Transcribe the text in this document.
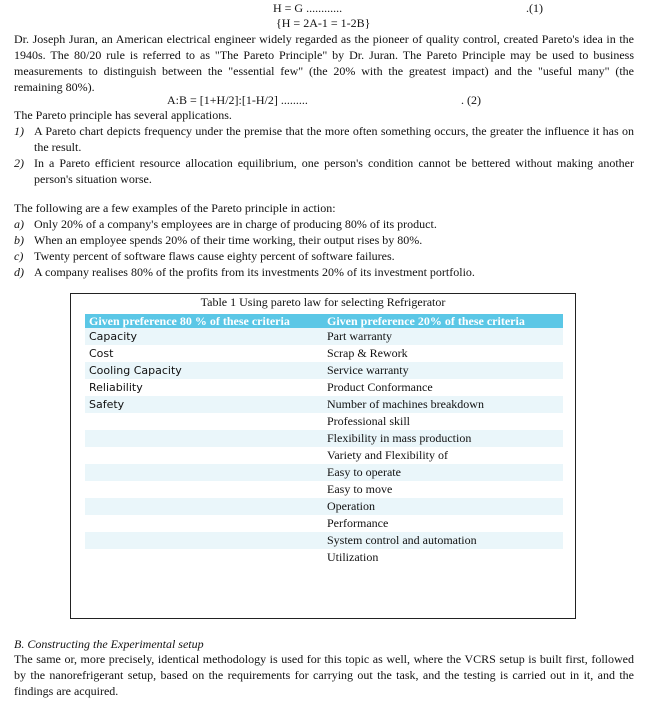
H = G ............	.(1)
{H = 2A-1 = 1-2B}
Dr. Joseph Juran, an American electrical engineer widely regarded as the pioneer of quality control, created Pareto's idea in the 1940s. The 80/20 rule is referred to as "The Pareto Principle" by Dr. Juran. The Pareto Principle may be used to business measurements to distinguish between the "essential few" (the 20% with the greatest impact) and the "useful many" (the remaining 80%).
A:B = [1+H/2]:[1-H/2] .........	. (2)
The Pareto principle has several applications.
1) A Pareto chart depicts frequency under the premise that the more often something occurs, the greater the influence it has on the result.
2) In a Pareto efficient resource allocation equilibrium, one person's condition cannot be bettered without making another person's situation worse.
The following are a few examples of the Pareto principle in action:
a) Only 20% of a company's employees are in charge of producing 80% of its product.
b) When an employee spends 20% of their time working, their output rises by 80%.
c) Twenty percent of software flaws cause eighty percent of software failures.
d) A company realises 80% of the profits from its investments 20% of its investment portfolio.
Table 1 Using pareto law for selecting Refrigerator
Given preference 80 % of these criteria	Given preference 20% of these criteria
Capacity	Part warranty
Cost	Scrap & Rework
Cooling Capacity	Service warranty
Reliability	Product Conformance
Safety	Number of machines breakdown
	Professional skill
	Flexibility in mass production
	Variety and Flexibility of
	Easy to operate
	Easy to move
	Operation
	Performance
	System control and automation
	Utilization
B. Constructing the Experimental setup
The same or, more precisely, identical methodology is used for this topic as well, where the VCRS setup is built first, followed by the nanorefrigerant setup, based on the requirements for carrying out the task, and the testing is carried out in it, and the findings are acquired.
